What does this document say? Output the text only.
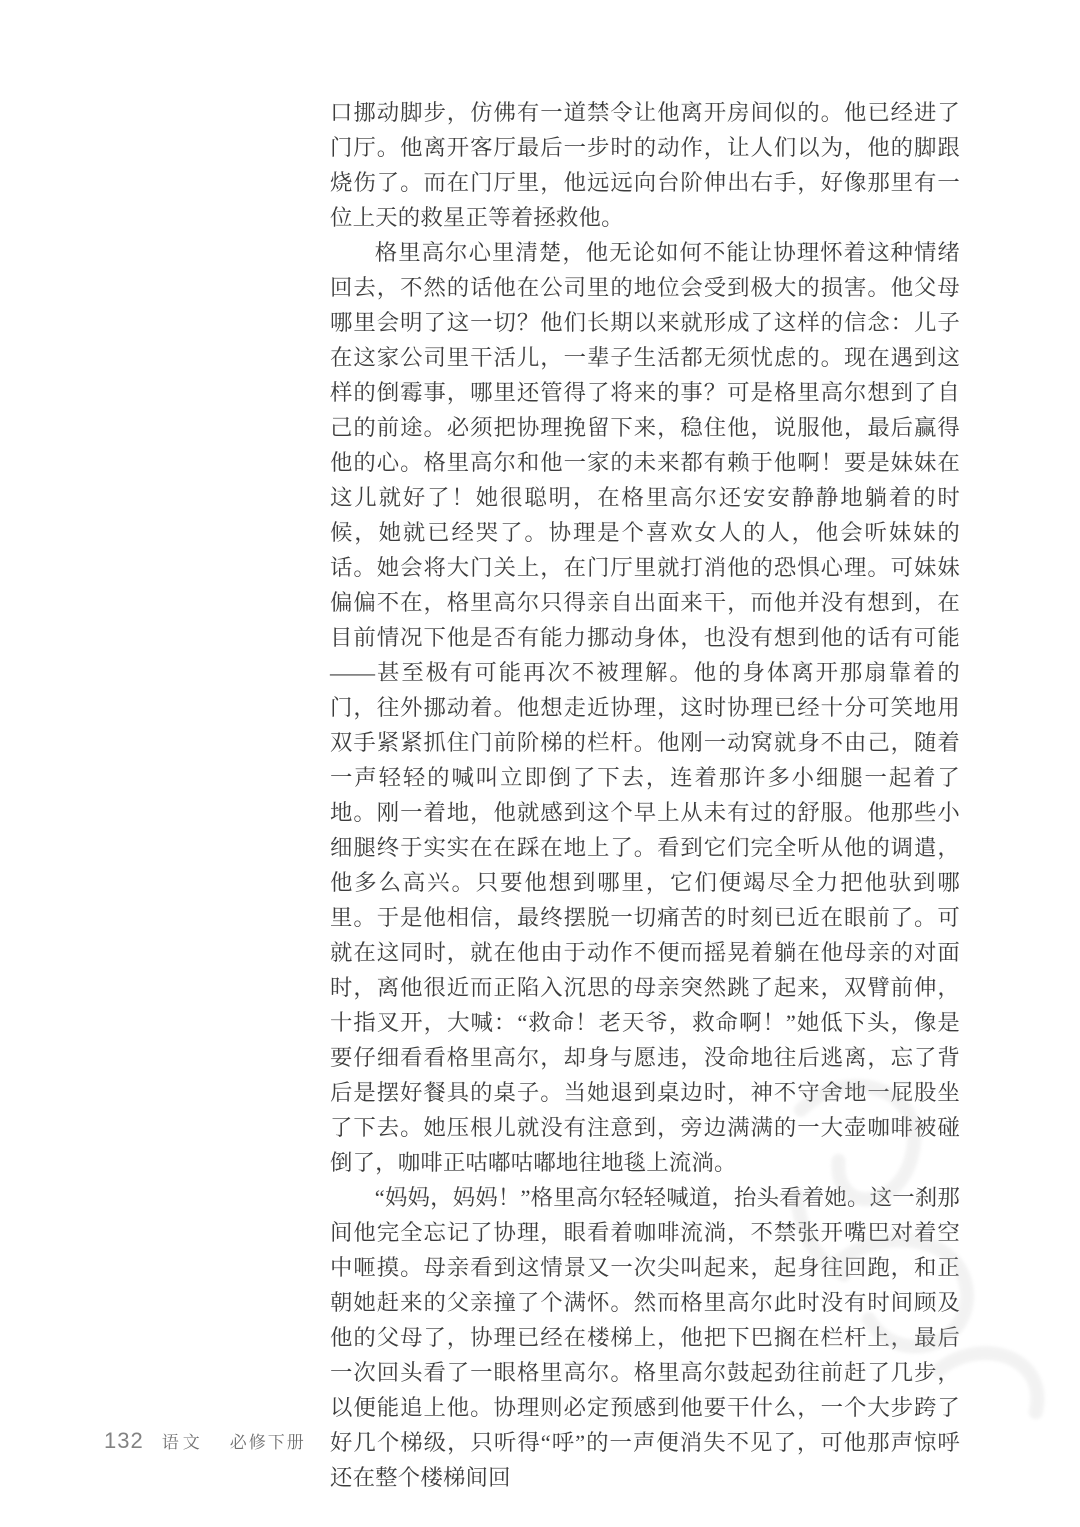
口挪动脚步，仿佛有一道禁令让他离开房间似的。他已经进了门厅。他离开客厅最后一步时的动作，让人们以为，他的脚跟烧伤了。而在门厅里，他远远向台阶伸出右手，好像那里有一位上天的救星正等着拯救他。

格里高尔心里清楚，他无论如何不能让协理怀着这种情绪回去，不然的话他在公司里的地位会受到极大的损害。他父母哪里会明了这一切？他们长期以来就形成了这样的信念：儿子在这家公司里干活儿，一辈子生活都无须忧虑的。现在遇到这样的倒霉事，哪里还管得了将来的事？可是格里高尔想到了自己的前途。必须把协理挽留下来，稳住他，说服他，最后赢得他的心。格里高尔和他一家的未来都有赖于他啊！要是妹妹在这儿就好了！她很聪明，在格里高尔还安安静静地躺着的时候，她就已经哭了。协理是个喜欢女人的人，他会听妹妹的话。她会将大门关上，在门厅里就打消他的恐惧心理。可妹妹偏偏不在，格里高尔只得亲自出面来干，而他并没有想到，在目前情况下他是否有能力挪动身体，也没有想到他的话有可能——甚至极有可能再次不被理解。他的身体离开那扇靠着的门，往外挪动着。他想走近协理，这时协理已经十分可笑地用双手紧紧抓住门前阶梯的栏杆。他刚一动窝就身不由己，随着一声轻轻的喊叫立即倒了下去，连着那许多小细腿一起着了地。刚一着地，他就感到这个早上从未有过的舒服。他那些小细腿终于实实在在踩在地上了。看到它们完全听从他的调遣，他多么高兴。只要他想到哪里，它们便竭尽全力把他驮到哪里。于是他相信，最终摆脱一切痛苦的时刻已近在眼前了。可就在这同时，就在他由于动作不便而摇晃着躺在他母亲的对面时，离他很近而正陷入沉思的母亲突然跳了起来，双臂前伸，十指叉开，大喊：“救命！老天爷，救命啊！”她低下头，像是要仔细看看格里高尔，却身与愿违，没命地往后逃离，忘了背后是摆好餐具的桌子。当她退到桌边时，神不守舍地一屁股坐了下去。她压根儿就没有注意到，旁边满满的一大壶咖啡被碰倒了，咖啡正咕嘟咕嘟地往地毯上流淌。

“妈妈，妈妈！”格里高尔轻轻喊道，抬头看着她。这一刹那间他完全忘记了协理，眼看着咖啡流淌，不禁张开嘴巴对着空中咂摸。母亲看到这情景又一次尖叫起来，起身往回跑，和正朝她赶来的父亲撞了个满怀。然而格里高尔此时没有时间顾及他的父母了，协理已经在楼梯上，他把下巴搁在栏杆上，最后一次回头看了一眼格里高尔。格里高尔鼓起劲往前赶了几步，以便能追上他。协理则必定预感到他要干什么，一个大步跨了好几个梯级，只听得“呼”的一声便消失不见了，可他那声惊呼还在整个楼梯间回

132 语文 必修下册
